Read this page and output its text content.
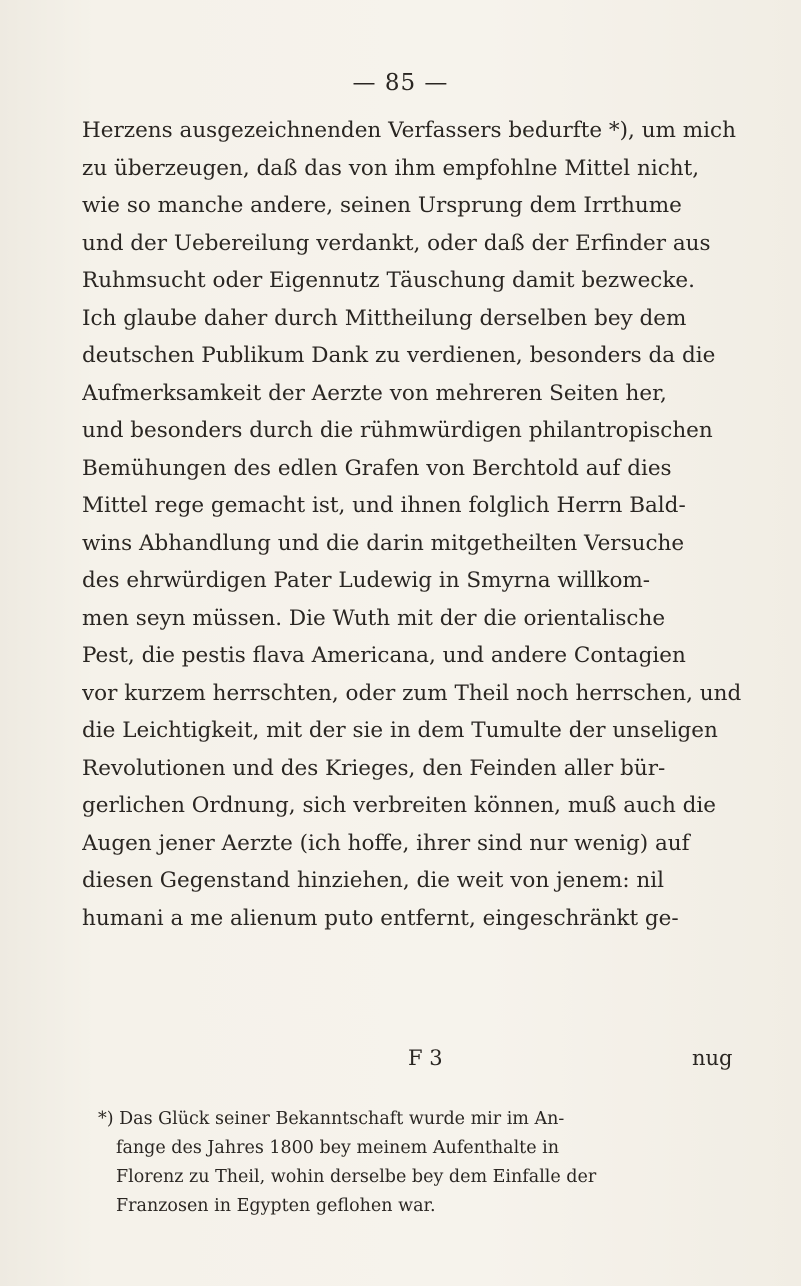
— 85 —
Herzens ausgezeichnenden Verfassers bedurfte *), um mich
zu überzeugen, daß das von ihm empfohlne Mittel nicht,
wie so manche andere, seinen Ursprung dem Irrthume
und der Uebereilung verdankt, oder daß der Erfinder aus
Ruhmsucht oder Eigennutz Täuschung damit bezwecke.
Ich glaube daher durch Mittheilung derselben bey dem
deutschen Publikum Dank zu verdienen, besonders da die
Aufmerksamkeit der Aerzte von mehreren Seiten her,
und besonders durch die rühmwürdigen philantropischen
Bemühungen des edlen Grafen von Berchtold auf dies
Mittel rege gemacht ist, und ihnen folglich Herrn Bald-
wins Abhandlung und die darin mitgetheilten Versuche
des ehrwürdigen Pater Ludewig in Smyrna willkom-
men seyn müssen. Die Wuth mit der die orientalische
Pest, die pestis flava Americana, und andere Contagien
vor kurzem herrschten, oder zum Theil noch herrschen, und
die Leichtigkeit, mit der sie in dem Tumulte der unseligen
Revolutionen und des Krieges, den Feinden aller bür-
gerlichen Ordnung, sich verbreiten können, muß auch die
Augen jener Aerzte (ich hoffe, ihrer sind nur wenig) auf
diesen Gegenstand hinziehen, die weit von jenem: nil
humani a me alienum puto entfernt, eingeschränkt ge-
F 3	nug
*) Das Glück seiner Bekanntschaft wurde mir im An-
fange des Jahres 1800 bey meinem Aufenthalte in
Florenz zu Theil, wohin derselbe bey dem Einfalle der
Franzosen in Egypten geflohen war.
